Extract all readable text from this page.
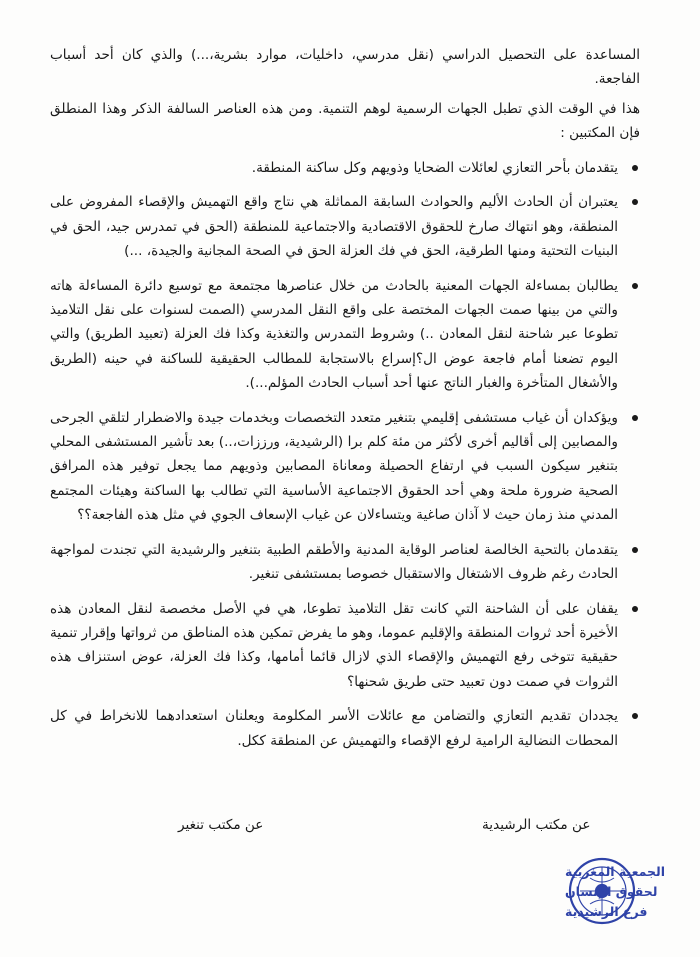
المساعدة على التحصيل الدراسي (نقل مدرسي، داخليات، موارد بشرية،...) والذي كان أحد أسباب الفاجعة.

هذا في الوقت الذي تطبل الجهات الرسمية لوهم التنمية. ومن هذه العناصر السالفة الذكر وهذا المنطلق فإن المكتبين :

يتقدمان بأحر التعازي لعائلات الضحايا وذويهم وكل ساكنة المنطقة.
يعتبران أن الحادث الأليم والحوادث السابقة المماثلة هي نتاج واقع التهميش والإقصاء المفروض على المنطقة، وهو انتهاك صارخ للحقوق الاقتصادية والاجتماعية للمنطقة (الحق في تمدرس جيد، الحق في البنيات التحتية ومنها الطرقية، الحق في فك العزلة الحق في الصحة المجانية والجيدة، ...)
يطالبان بمساءلة الجهات المعنية بالحادث من خلال عناصرها مجتمعة مع توسيع دائرة المساءلة هاته والتي من بينها صمت الجهات المختصة على واقع النقل المدرسي (الصمت لسنوات على نقل التلاميذ تطوعا عبر شاحنة لنقل المعادن ..) وشروط التمدرس والتغذية وكذا فك العزلة (تعبيد الطريق) والتي اليوم تضعنا أمام فاجعة عوض ال؟إسراع بالاستجابة للمطالب الحقيقية للساكنة في حينه (الطريق والأشغال المتأخرة والغبار الناتج عنها أحد أسباب الحادث المؤلم...).
ويؤكدان أن غياب مستشفى إقليمي بتنغير متعدد التخصصات وبخدمات جيدة والاضطرار لتلقي الجرحى والمصابين إلى أقاليم أخرى لأكثر من مئة كلم برا (الرشيدية، ورززات،..) بعد تأشير المستشفى المحلي بتنغير سيكون السبب في ارتفاع الحصيلة ومعاناة المصابين وذويهم مما يجعل توفير هذه المرافق الصحية ضرورة ملحة وهي أحد الحقوق الاجتماعية الأساسية التي تطالب بها الساكنة وهيئات المجتمع المدني منذ زمان حيث لا آذان صاغية ويتساءلان عن غياب الإسعاف الجوي في مثل هذه الفاجعة؟؟
يتقدمان بالتحية الخالصة لعناصر الوقاية المدنية والأطقم الطبية بتنغير والرشيدية التي تجندت لمواجهة الحادث رغم ظروف الاشتغال والاستقبال خصوصا بمستشفى تنغير.
يقفان على أن الشاحنة التي كانت تقل التلاميذ تطوعا، هي في الأصل مخصصة لنقل المعادن هذه الأخيرة أحد ثروات المنطقة والإقليم عموما، وهو ما يفرض تمكين هذه المناطق من ثرواتها وإقرار تنمية حقيقية تتوخى رفع التهميش والإقصاء الذي لازال قائما أمامها، وكذا فك العزلة، عوض استنزاف هذه الثروات في صمت دون تعبيد حتى طريق شحنها؟
يجددان تقديم التعازي والتضامن مع عائلات الأسر المكلومة ويعلنان استعدادهما للانخراط في كل المحطات النضالية الرامية لرفع الإقصاء والتهميش عن المنطقة ككل.
عن مكتب الرشيدية
عن مكتب تنغير
الجمعية المغربية
لحقوق الإنسان
فرع الرشيدية
